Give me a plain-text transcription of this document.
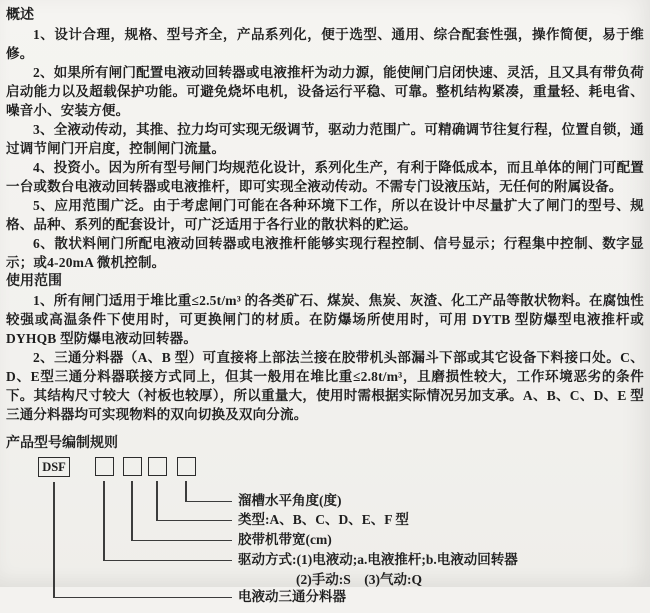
概述

1、设计合理，规格、型号齐全，产品系列化，便于选型、通用、综合配套性强，操作简便，易于维修。

2、如果所有闸门配置电液动回转器或电液推杆为动力源，能使闸门启闭快速、灵活，且又具有带负荷启动能力以及超载保护功能。可避免烧坏电机，设备运行平稳、可靠。整机结构紧凑，重量轻、耗电省、噪音小、安装方便。

3、全液动传动，其推、拉力均可实现无级调节，驱动力范围广。可精确调节往复行程，位置自锁，通过调节闸门开启度，控制闸门流量。

4、投资小。因为所有型号闸门均规范化设计，系列化生产，有利于降低成本，而且单体的闸门可配置一台或数台电液动回转器或电液推杆，即可实现全液动传动。不需专门设液压站，无任何的附属设备。

5、应用范围广泛。由于考虑闸门可能在各种环境下工作，所以在设计中尽量扩大了闸门的型号、规格、品种、系列的配套设计，可广泛适用于各行业的散状料的贮运。

6、散状料闸门所配电液动回转器或电液推杆能够实现行程控制、信号显示；行程集中控制、数字显示；或4-20mA 微机控制。

使用范围

1、所有闸门适用于堆比重≤2.5t/m³ 的各类矿石、煤炭、焦炭、灰渣、化工产品等散状物料。在腐蚀性较强或高温条件下使用时，可更换闸门的材质。在防爆场所使用时，可用 DYTB 型防爆型电液推杆或 DYHQB 型防爆电液动回转器。

2、三通分料器（A、B 型）可直接将上部法兰接在胶带机头部漏斗下部或其它设备下料接口处。C、D、E型三通分料器联接方式同上，但其一般用在堆比重≤2.8t/m³，且磨损性较大，工作环境恶劣的条件下。其结构尺寸较大（衬板也较厚），所以重量大，使用时需根据实际情况另加支承。A、B、C、D、E 型三通分料器均可实现物料的双向切换及双向分流。

产品型号编制规则
DSF
溜槽水平角度(度)
类型:A、B、C、D、E、F 型
胶带机带宽(cm)
驱动方式:(1)电液动;a.电液推杆;b.电液动回转器
(2)手动:S　(3)气动:Q
电液动三通分料器
